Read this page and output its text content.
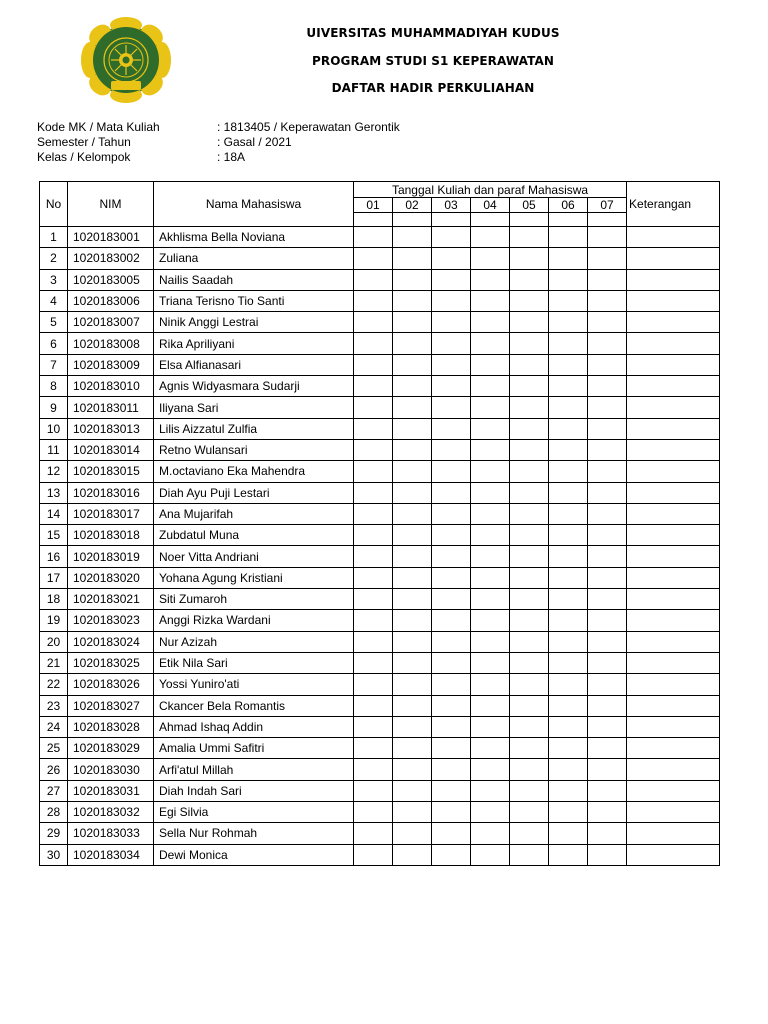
UIVERSITAS MUHAMMADIYAH KUDUS
PROGRAM STUDI S1 KEPERAWATAN
DAFTAR HADIR PERKULIAHAN
Kode MK / Mata Kuliah	: 1813405 / Keperawatan Gerontik
Semester / Tahun	: Gasal / 2021
Kelas / Kelompok	: 18A
No	NIM	Nama Mahasiswa	Tanggal Kuliah dan paraf Mahasiswa							Keterangan
			01	02	03	04	05	06	07	

1	1020183001	Akhlisma Bella Noviana								
2	1020183002	Zuliana								
3	1020183005	Nailis Saadah								
4	1020183006	Triana Terisno Tio Santi								
5	1020183007	Ninik Anggi Lestrai								
6	1020183008	Rika Apriliyani								
7	1020183009	Elsa Alfianasari								
8	1020183010	Agnis Widyasmara Sudarji								
9	1020183011	Iliyana Sari								
10	1020183013	Lilis Aizzatul Zulfia								
11	1020183014	Retno Wulansari								
12	1020183015	M.octaviano Eka Mahendra								
13	1020183016	Diah Ayu Puji Lestari								
14	1020183017	Ana Mujarifah								
15	1020183018	Zubdatul Muna								
16	1020183019	Noer Vitta Andriani								
17	1020183020	Yohana Agung Kristiani								
18	1020183021	Siti Zumaroh								
19	1020183023	Anggi Rizka Wardani								
20	1020183024	Nur Azizah								
21	1020183025	Etik Nila Sari								
22	1020183026	Yossi Yuniro'ati								
23	1020183027	Ckancer Bela Romantis								
24	1020183028	Ahmad Ishaq Addin								
25	1020183029	Amalia Ummi Safitri								
26	1020183030	Arfi'atul Millah								
27	1020183031	Diah Indah Sari								
28	1020183032	Egi Silvia								
29	1020183033	Sella Nur Rohmah								
30	1020183034	Dewi Monica								
